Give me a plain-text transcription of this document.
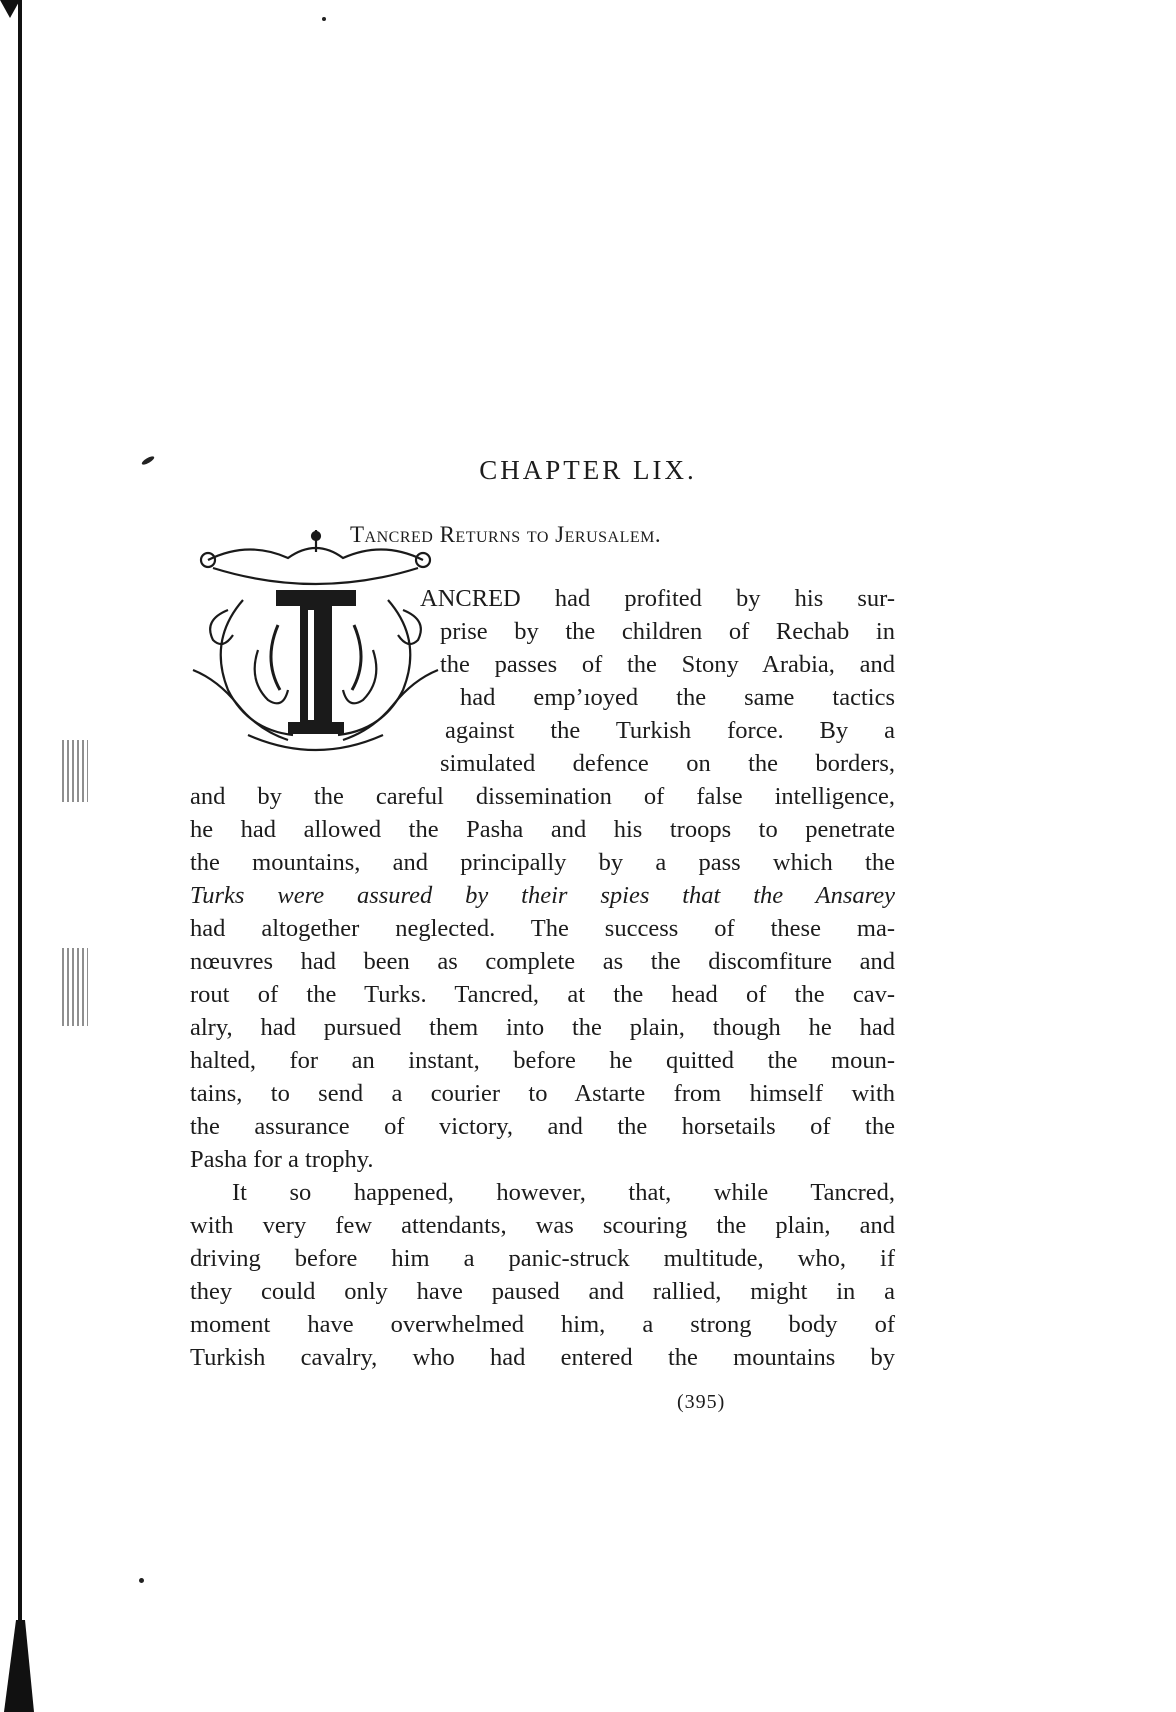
CHAPTER LIX.
Tancred Returns to Jerusalem.
ANCRED had profited by his sur-
prise by the children of Rechab in
the passes of the Stony Arabia, and
had empʼıoyed the same tactics
against the Turkish force. By a
simulated defence on the borders,
and by the careful dissemination of false intelligence,
he had allowed the Pasha and his troops to penetrate
the mountains, and principally by a pass which the
Turks were assured by their spies that the Ansarey
had altogether neglected. The success of these ma-
nœuvres had been as complete as the discomfiture and
rout of the Turks. Tancred, at the head of the cav-
alry, had pursued them into the plain, though he had
halted, for an instant, before he quitted the moun-
tains, to send a courier to Astarte from himself with
the assurance of victory, and the horsetails of the
Pasha for a trophy.
It so happened, however, that, while Tancred,
with very few attendants, was scouring the plain, and
driving before him a panic-struck multitude, who, if
they could only have paused and rallied, might in a
moment have overwhelmed him, a strong body of
Turkish cavalry, who had entered the mountains by
(395)
